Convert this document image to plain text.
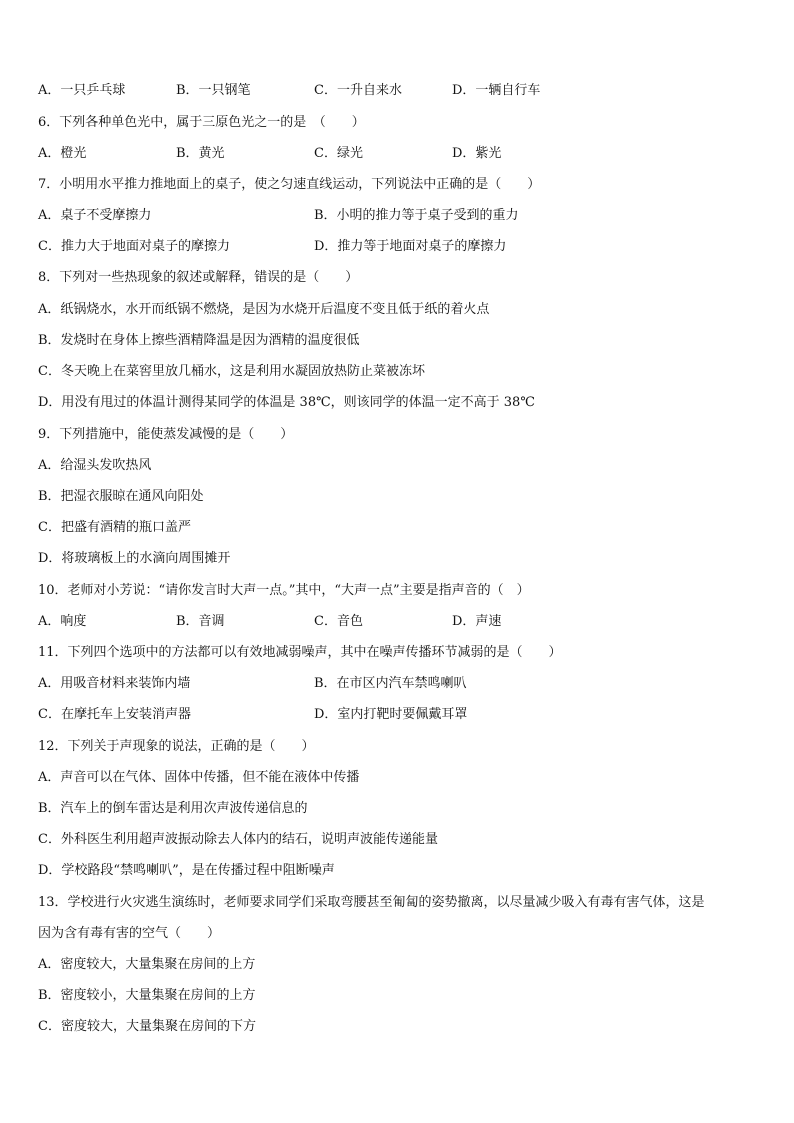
A．一只乒乓球	B．一只钢笔	C．一升自来水	D．一辆自行车
6．下列各种单色光中，属于三原色光之一的是　（　　）
A．橙光	B．黄光	C．绿光	D．紫光
7．小明用水平推力推地面上的桌子，使之匀速直线运动，下列说法中正确的是（　　）
A．桌子不受摩擦力	B．小明的推力等于桌子受到的重力
C．推力大于地面对桌子的摩擦力	D．推力等于地面对桌子的摩擦力
8．下列对一些热现象的叙述或解释，错误的是（　　）
A．纸锅烧水，水开而纸锅不燃烧，是因为水烧开后温度不变且低于纸的着火点
B．发烧时在身体上擦些酒精降温是因为酒精的温度很低
C．冬天晚上在菜窖里放几桶水，这是利用水凝固放热防止菜被冻坏
D．用没有甩过的体温计测得某同学的体温是 38℃，则该同学的体温一定不高于 38℃
9．下列措施中，能使蒸发减慢的是（　　）
A．给湿头发吹热风
B．把湿衣服晾在通风向阳处
C．把盛有酒精的瓶口盖严
D．将玻璃板上的水滴向周围摊开
10．老师对小芳说：“请你发言时大声一点。”其中，“大声一点”主要是指声音的（　）
A．响度	B．音调	C．音色	D．声速
11．下列四个选项中的方法都可以有效地减弱噪声，其中在噪声传播环节减弱的是（　　）
A．用吸音材料来装饰内墙	B．在市区内汽车禁鸣喇叭
C．在摩托车上安装消声器	D．室内打靶时要佩戴耳罩
12．下列关于声现象的说法，正确的是（　　）
A．声音可以在气体、固体中传播，但不能在液体中传播
B．汽车上的倒车雷达是利用次声波传递信息的
C．外科医生利用超声波振动除去人体内的结石，说明声波能传递能量
D．学校路段“禁鸣喇叭”，是在传播过程中阻断噪声
13．学校进行火灾逃生演练时，老师要求同学们采取弯腰甚至匍匐的姿势撤离，以尽量减少吸入有毒有害气体，这是
因为含有毒有害的空气（　　）
A．密度较大，大量集聚在房间的上方
B．密度较小，大量集聚在房间的上方
C．密度较大，大量集聚在房间的下方
